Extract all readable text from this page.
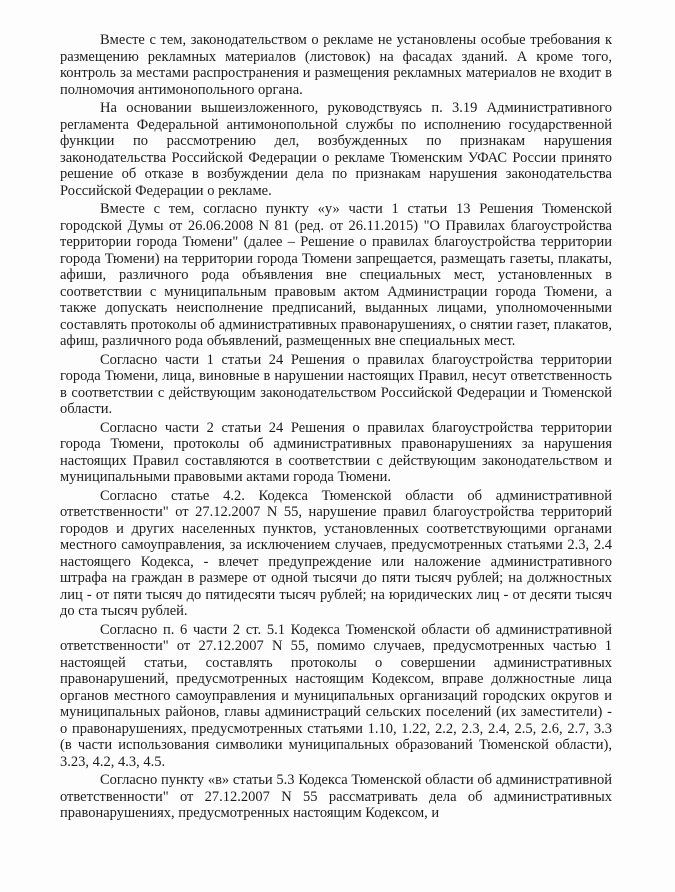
Вместе с тем, законодательством о рекламе не установлены особые требования к размещению рекламных материалов (листовок) на фасадах зданий. А кроме того, контроль за местами распространения и размещения рекламных материалов не входит в полномочия антимонопольного органа.

На основании вышеизложенного, руководствуясь п. 3.19 Административного регламента Федеральной антимонопольной службы по исполнению государственной функции по рассмотрению дел, возбужденных по признакам нарушения законодательства Российской Федерации о рекламе Тюменским УФАС России принято решение об отказе в возбуждении дела по признакам нарушения законодательства Российской Федерации о рекламе.

Вместе с тем, согласно пункту «у» части 1 статьи 13 Решения Тюменской городской Думы от 26.06.2008 N 81 (ред. от 26.11.2015) "О Правилах благоустройства территории города Тюмени" (далее – Решение о правилах благоустройства территории города Тюмени) на территории города Тюмени запрещается, размещать газеты, плакаты, афиши, различного рода объявления вне специальных мест, установленных в соответствии с муниципальным правовым актом Администрации города Тюмени, а также допускать неисполнение предписаний, выданных лицами, уполномоченными составлять протоколы об административных правонарушениях, о снятии газет, плакатов, афиш, различного рода объявлений, размещенных вне специальных мест.

Согласно части 1 статьи 24 Решения о правилах благоустройства территории города Тюмени, лица, виновные в нарушении настоящих Правил, несут ответственность в соответствии с действующим законодательством Российской Федерации и Тюменской области.

Согласно части 2 статьи 24 Решения о правилах благоустройства территории города Тюмени, протоколы об административных правонарушениях за нарушения настоящих Правил составляются в соответствии с действующим законодательством и муниципальными правовыми актами города Тюмени.

Согласно статье 4.2. Кодекса Тюменской области об административной ответственности" от 27.12.2007 N 55, нарушение правил благоустройства территорий городов и других населенных пунктов, установленных соответствующими органами местного самоуправления, за исключением случаев, предусмотренных статьями 2.3, 2.4 настоящего Кодекса, - влечет предупреждение или наложение административного штрафа на граждан в размере от одной тысячи до пяти тысяч рублей; на должностных лиц - от пяти тысяч до пятидесяти тысяч рублей; на юридических лиц - от десяти тысяч до ста тысяч рублей.

Согласно п. 6 части 2 ст. 5.1 Кодекса Тюменской области об административной ответственности" от 27.12.2007 N 55, помимо случаев, предусмотренных частью 1 настоящей статьи, составлять протоколы о совершении административных правонарушений, предусмотренных настоящим Кодексом, вправе должностные лица органов местного самоуправления и муниципальных организаций городских округов и муниципальных районов, главы администраций сельских поселений (их заместители) - о правонарушениях, предусмотренных статьями 1.10, 1.22, 2.2, 2.3, 2.4, 2.5, 2.6, 2.7, 3.3 (в части использования символики муниципальных образований Тюменской области), 3.23, 4.2, 4.3, 4.5.

Согласно пункту «в» статьи 5.3 Кодекса Тюменской области об административной ответственности" от 27.12.2007 N 55 рассматривать дела об административных правонарушениях, предусмотренных настоящим Кодексом, и
